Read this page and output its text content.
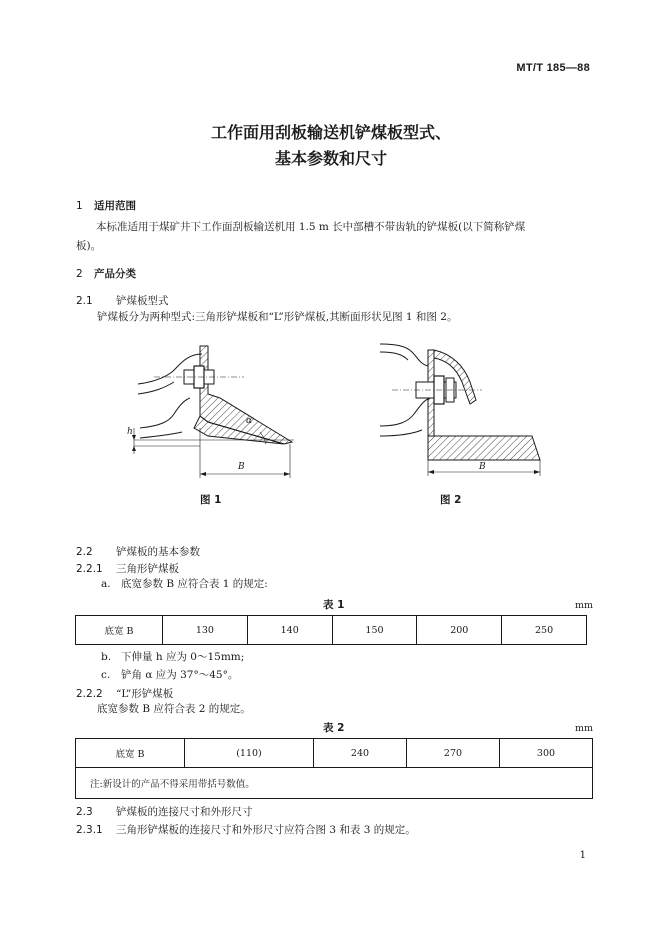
MT/T 185—88
工作面用刮板输送机铲煤板型式、
基本参数和尺寸
1 适用范围
本标准适用于煤矿井下工作面刮板输送机用 1.5 m 长中部槽不带齿轨的铲煤板(以下简称铲煤
板)。
2 产品分类
2.1 铲煤板型式
铲煤板分为两种型式:三角形铲煤板和“L”形铲煤板,其断面形状见图 1 和图 2。
h
α
B
图 1
B
图 2
2.2 铲煤板的基本参数
2.2.1 三角形铲煤板
a. 底宽参数 B 应符合表 1 的规定:
表 1	mm
底宽 B	130	140	150	200	250
b. 下伸量 h 应为 0～15mm;
c. 铲角 α 应为 37°～45°。
2.2.2 “L”形铲煤板
底宽参数 B 应符合表 2 的规定。
表 2	mm
底宽 B	(110)	240	270	300
注:新设计的产品不得采用带括号数值。
2.3 铲煤板的连接尺寸和外形尺寸
2.3.1 三角形铲煤板的连接尺寸和外形尺寸应符合图 3 和表 3 的规定。
1
